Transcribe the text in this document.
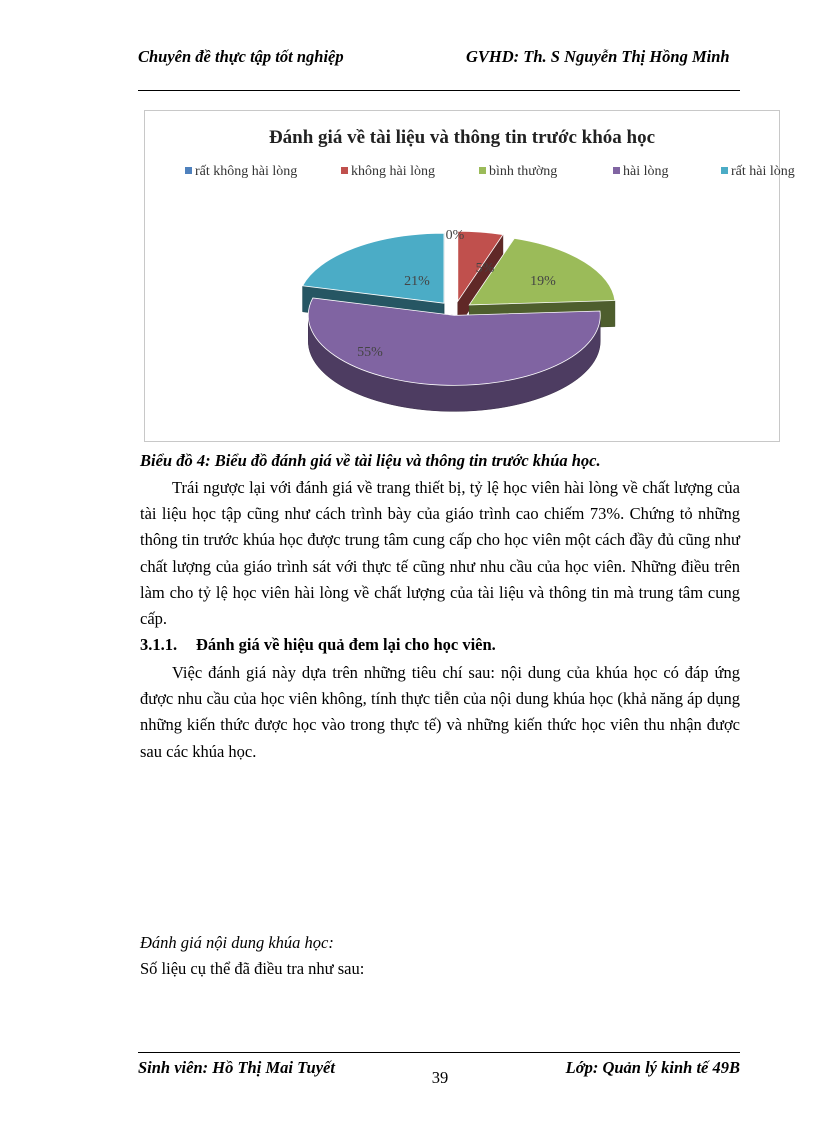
Chuyên đề thực tập tốt nghiệp	GVHD: Th. S Nguyễn Thị Hồng Minh
Đánh giá về tài liệu và thông tin trước khóa học
rất không hài lòng	không hài lòng	bình thường	hài lòng	rất hài lòng
0%
5%
19%
55%
21%
Biểu đồ 4: Biểu đồ đánh giá về tài liệu và thông tin trước khúa học.
Trái ngược lại với đánh giá về trang thiết bị, tỷ lệ học viên hài lòng về chất lượng của tài liệu học tập cũng như cách trình bày của giáo trình cao chiếm 73%. Chứng tỏ những thông tin trước khúa học được trung tâm cung cấp cho học viên một cách đầy đủ cũng như chất lượng của giáo trình sát với thực tế cũng như nhu cầu của học viên. Những điều trên làm cho tỷ lệ học viên hài lòng về chất lượng của tài liệu và thông tin mà trung tâm cung cấp.
3.1.1. Đánh giá về hiệu quả đem lại cho học viên.
Việc đánh giá này dựa trên những tiêu chí sau: nội dung của khúa học có đáp ứng được nhu cầu của học viên không, tính thực tiễn của nội dung khúa học (khả năng áp dụng những kiến thức được học vào trong thực tế) và những kiến thức học viên thu nhận được sau các khúa học.
Đánh giá nội dung khúa học:
Số liệu cụ thể đã điều tra như sau:
Sinh viên: Hồ Thị Mai Tuyết
39
Lớp: Quản lý kinh tế 49B
